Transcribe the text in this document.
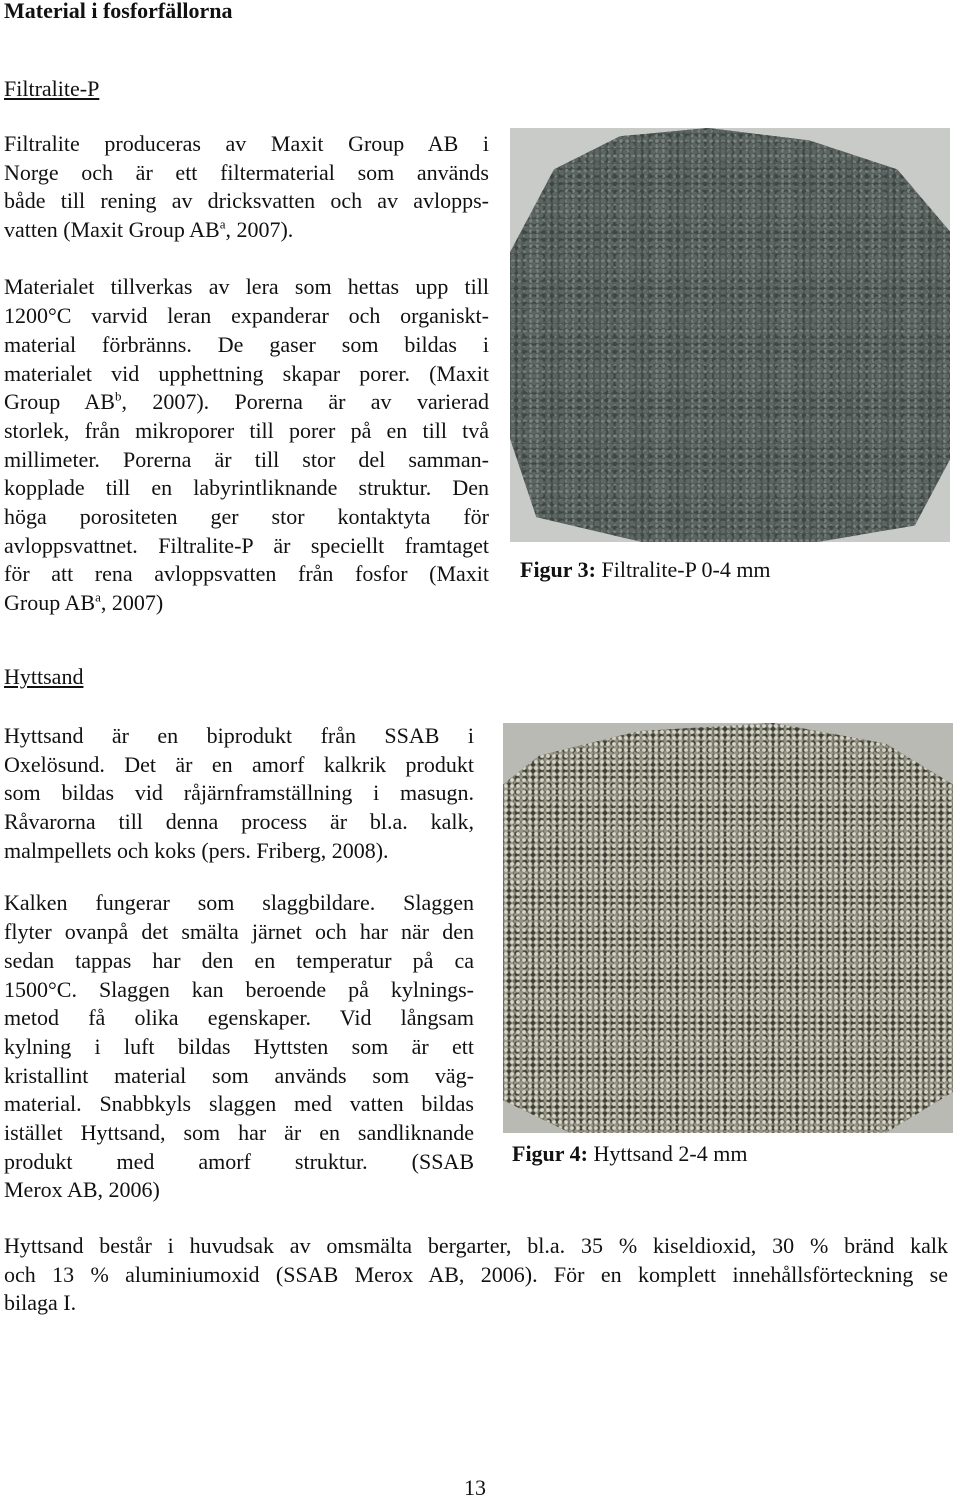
Material i fosforfällorna
Filtralite-P
Filtralite produceras av Maxit Group AB i
Norge och är ett filtermaterial som används
både till rening av dricksvatten och av avlopps-
vatten (Maxit Group $AB^a$, 2007).
Materialet tillverkas av lera som hettas upp till
1200°C varvid leran expanderar och organiskt-
material förbränns. De gaser som bildas i
materialet vid upphettning skapar porer. (Maxit
Group $AB^b$, 2007). Porerna är av varierad
storlek, från mikroporer till porer på en till två
millimeter. Porerna är till stor del samman-
kopplade till en labyrintliknande struktur. Den
höga porositeten ger stor kontaktyta för
avloppsvattnet. Filtralite-P är speciellt framtaget
för att rena avloppsvatten från fosfor (Maxit
Group $AB^a$, 2007)
Figur 3: Filtralite-P 0-4 mm
Hyttsand
Hyttsand är en biprodukt från SSAB i
Oxelösund. Det är en amorf kalkrik produkt
som bildas vid råjärnframställning i masugn.
Råvarorna till denna process är bl.a. kalk,
malmpellets och koks (pers. Friberg, 2008).
Kalken fungerar som slaggbildare. Slaggen
flyter ovanpå det smälta järnet och har när den
sedan tappas har den en temperatur på ca
1500°C. Slaggen kan beroende på kylnings-
metod få olika egenskaper. Vid långsam
kylning i luft bildas Hyttsten som är ett
kristallint material som används som väg-
material. Snabbkyls slaggen med vatten bildas
istället Hyttsand, som har är en sandliknande
produkt med amorf struktur. (SSAB
Merox AB, 2006)
Figur 4: Hyttsand 2-4 mm
Hyttsand består i huvudsak av omsmälta bergarter, bl.a. 35 % kiseldioxid, 30 % bränd kalk
och 13 % aluminiumoxid (SSAB Merox AB, 2006). För en komplett innehållsförteckning se
bilaga I.
13
